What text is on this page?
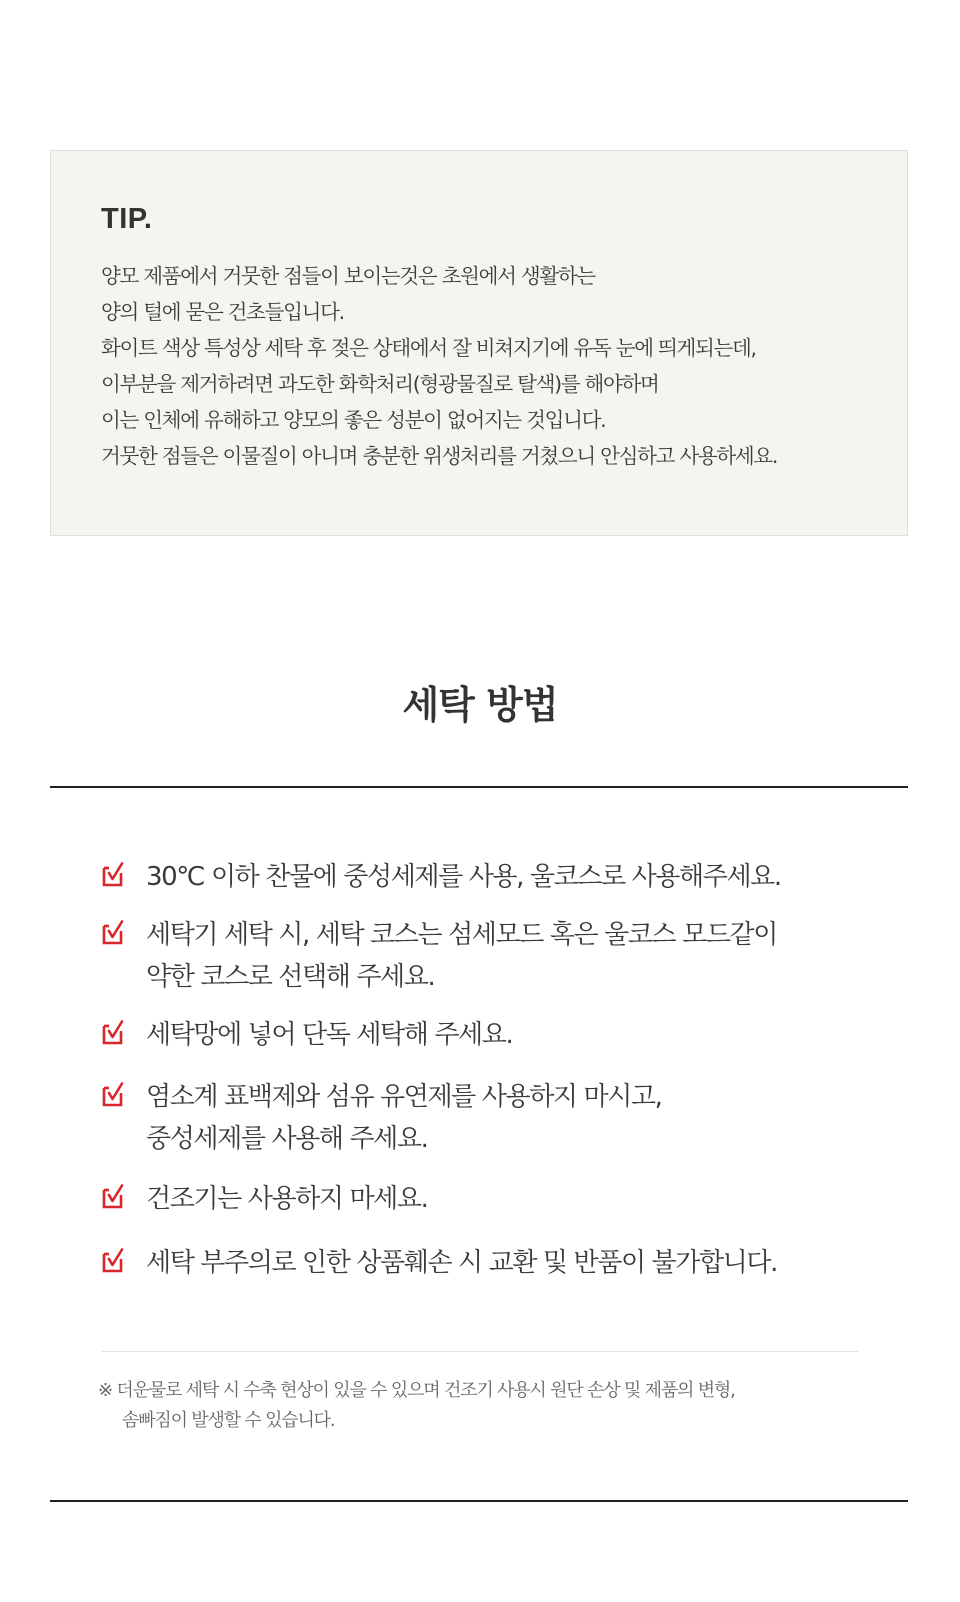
TIP.
양모 제품에서 거뭇한 점들이 보이는것은 초원에서 생활하는
양의 털에 묻은 건초들입니다.
화이트 색상 특성상 세탁 후 젖은 상태에서 잘 비쳐지기에 유독 눈에 띄게되는데,
이부분을 제거하려면 과도한 화학처리(형광물질로 탈색)를 해야하며
이는 인체에 유해하고 양모의 좋은 성분이 없어지는 것입니다.
거뭇한 점들은 이물질이 아니며 충분한 위생처리를 거쳤으니 안심하고 사용하세요.
세탁 방법

30℃ 이하 찬물에 중성세제를 사용, 울코스로 사용해주세요.

세탁기 세탁 시, 세탁 코스는 섬세모드 혹은 울코스 모드같이
약한 코스로 선택해 주세요.

세탁망에 넣어 단독 세탁해 주세요.

염소계 표백제와 섬유 유연제를 사용하지 마시고,
중성세제를 사용해 주세요.

건조기는 사용하지 마세요.

세탁 부주의로 인한 상품훼손 시 교환 및 반품이 불가합니다.

※ 더운물로 세탁 시 수축 현상이 있을 수 있으며 건조기 사용시 원단 손상 및 제품의 변형,
솜빠짐이 발생할 수 있습니다.
